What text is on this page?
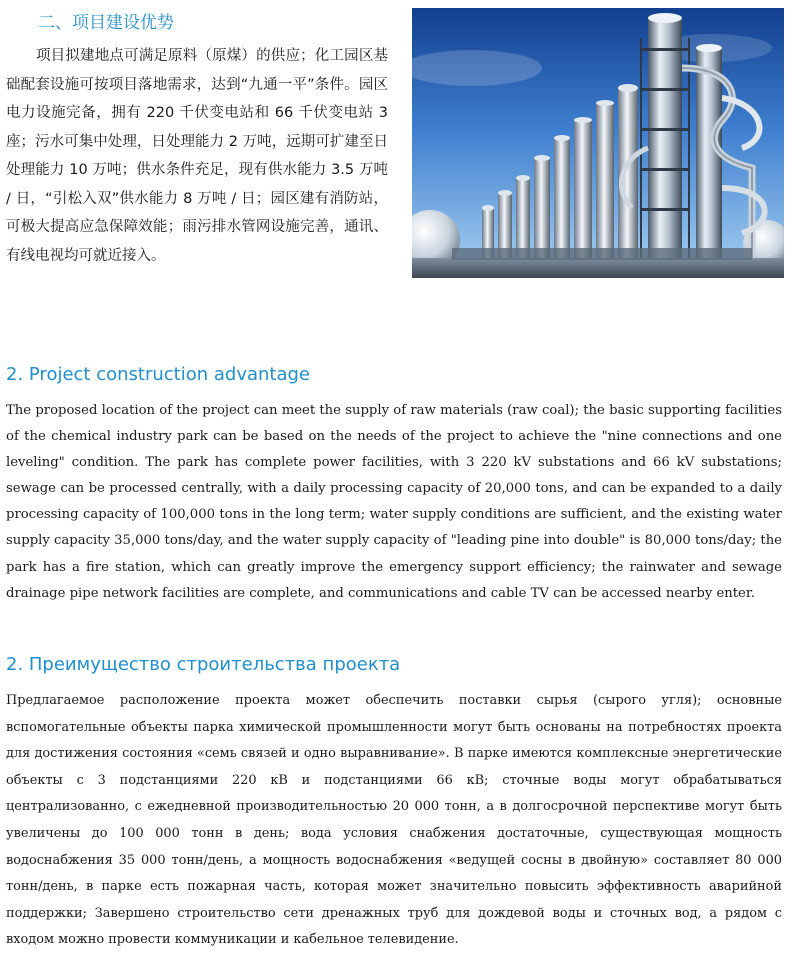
二、项目建设优势

项目拟建地点可满足原料（原煤）的供应；化工园区基础配套设施可按项目落地需求，达到“九通一平”条件。园区电力设施完备，拥有 220 千伏变电站和 66 千伏变电站 3 座；污水可集中处理，日处理能力 2 万吨，远期可扩建至日处理能力 10 万吨；供水条件充足，现有供水能力 3.5 万吨 / 日，“引松入双”供水能力 8 万吨 / 日；园区建有消防站，可极大提高应急保障效能；雨污排水管网设施完善，通讯、有线电视均可就近接入。

2. Project construction advantage

The proposed location of the project can meet the supply of raw materials (raw coal); the basic supporting facilities of the chemical industry park can be based on the needs of the project to achieve the "nine connections and one leveling" condition. The park has complete power facilities, with 3 220 kV substations and 66 kV substations; sewage can be processed centrally, with a daily processing capacity of 20,000 tons, and can be expanded to a daily processing capacity of 100,000 tons in the long term; water supply conditions are sufficient, and the existing water supply capacity 35,000 tons/day, and the water supply capacity of "leading pine into double" is 80,000 tons/day; the park has a fire station, which can greatly improve the emergency support efficiency; the rainwater and sewage drainage pipe network facilities are complete, and communications and cable TV can be accessed nearby enter.

2. Преимущество строительства проекта

Предлагаемое расположение проекта может обеспечить поставки сырья (сырого угля); основные вспомогательные объекты парка химической промышленности могут быть основаны на потребностях проекта для достижения состояния «семь связей и одно выравнивание». В парке имеются комплексные энергетические объекты с 3 подстанциями 220 кВ и подстанциями 66 кВ; сточные воды могут обрабатываться централизованно, с ежедневной производительностью 20 000 тонн, а в долгосрочной перспективе могут быть увеличены до 100 000 тонн в день; вода условия снабжения достаточные, существующая мощность водоснабжения 35 000 тонн/день, а мощность водоснабжения «ведущей сосны в двойную» составляет 80 000 тонн/день, в парке есть пожарная часть, которая может значительно повысить эффективность аварийной поддержки; Завершено строительство сети дренажных труб для дождевой воды и сточных вод, а рядом с входом можно провести коммуникации и кабельное телевидение.
